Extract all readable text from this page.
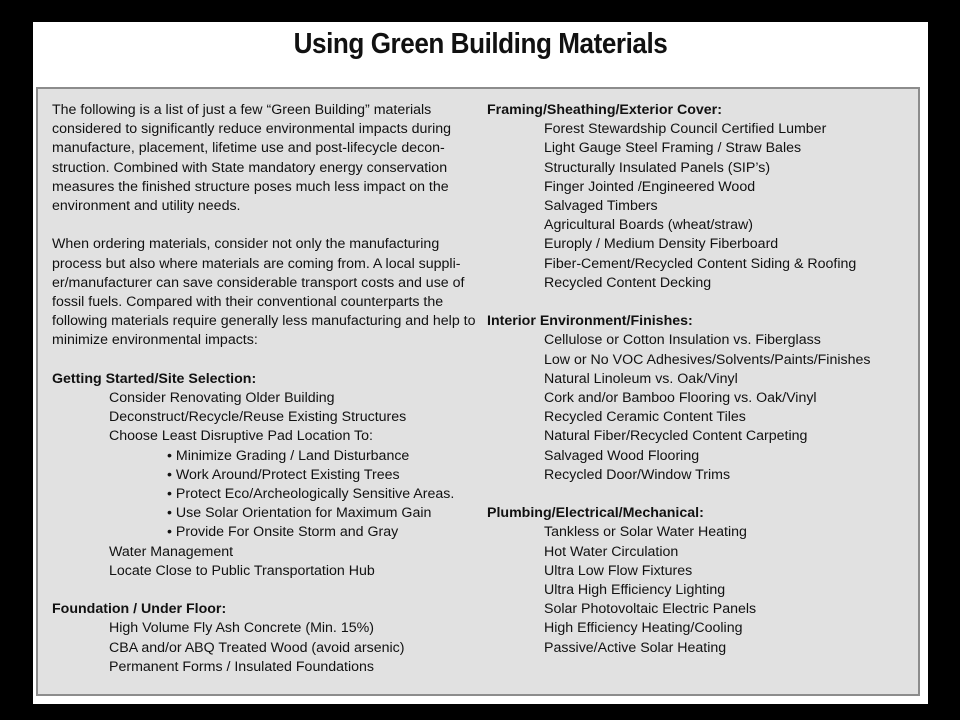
Using Green Building Materials

The following is a list of just a few “Green Building” materials considered to significantly reduce environmental impacts during manufacture, placement, lifetime use and post-lifecycle decon-struction. Combined with State mandatory energy conservation measures the finished structure poses much less impact on the environment and utility needs.

When ordering materials, consider not only the manufacturing process but also where materials are coming from. A local suppli-er/manufacturer can save considerable transport costs and use of fossil fuels. Compared with their conventional counterparts the following materials require generally less manufacturing and help to minimize environmental impacts:

Getting Started/Site Selection:
Consider Renovating Older Building
Deconstruct/Recycle/Reuse Existing Structures
Choose Least Disruptive Pad Location To:
• Minimize Grading / Land Disturbance
• Work Around/Protect Existing Trees
• Protect Eco/Archeologically Sensitive Areas.
• Use Solar Orientation for Maximum Gain
• Provide For Onsite Storm and Gray
Water Management
Locate Close to Public Transportation Hub
Foundation / Under Floor:
High Volume Fly Ash Concrete (Min. 15%)
CBA and/or ABQ Treated Wood (avoid arsenic)
Permanent Forms / Insulated Foundations
Framing/Sheathing/Exterior Cover:
Forest Stewardship Council Certified Lumber
Light Gauge Steel Framing / Straw Bales
Structurally Insulated Panels (SIP’s)
Finger Jointed /Engineered Wood
Salvaged Timbers
Agricultural Boards (wheat/straw)
Europly / Medium Density Fiberboard
Fiber-Cement/Recycled Content Siding & Roofing
Recycled Content Decking
Interior Environment/Finishes:
Cellulose or Cotton Insulation vs. Fiberglass
Low or No VOC Adhesives/Solvents/Paints/Finishes
Natural Linoleum vs. Oak/Vinyl
Cork and/or Bamboo Flooring vs. Oak/Vinyl
Recycled Ceramic Content Tiles
Natural Fiber/Recycled Content Carpeting
Salvaged Wood Flooring
Recycled Door/Window Trims
Plumbing/Electrical/Mechanical:
Tankless or Solar Water Heating
Hot Water Circulation
Ultra Low Flow Fixtures
Ultra High Efficiency Lighting
Solar Photovoltaic Electric Panels
High Efficiency Heating/Cooling
Passive/Active Solar Heating
